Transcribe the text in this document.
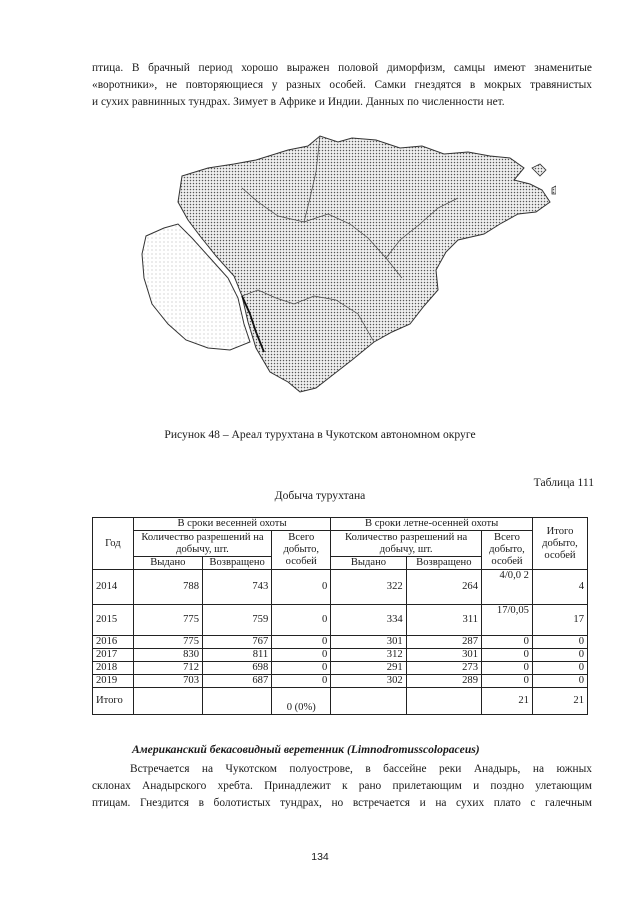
птица. В брачный период хорошо выражен половой диморфизм, самцы имеют знаменитые
«воротники», не повторяющиеся у разных особей. Самки гнездятся в мокрых травянистых
и сухих равнинных тундрах. Зимует в Африке и Индии. Данных по численности нет.
Рисунок 48 – Ареал турухтана в Чукотском автономном округе
Таблица 111
Добыча турухтана
Год	В сроки весенней охоты			В сроки летне-осенней охоты			Итого добыто, особей
	Количество разрешений на добычу, шт.		Всего добыто, особей	Количество разрешений на добычу, шт.		Всего добыто, особей	
	Выдано	Возвращено		Выдано	Возвращено		
2014	788	743	0	322	264	4/0,0 2	4
2015	775	759	0	334	311	17/0,05	17
2016	775	767	0	301	287	0	0
2017	830	811	0	312	301	0	0
2018	712	698	0	291	273	0	0
2019	703	687	0	302	289	0	0
Итого			0 (0%)			21	21
Американский бекасовидный веретенник (Limnodromusscolopaceus)
Встречается на Чукотском полуострове, в бассейне реки Анадырь, на южных
склонах Анадырского хребта. Принадлежит к рано прилетающим и поздно улетающим
птицам. Гнездится в болотистых тундрах, но встречается и на сухих плато с галечным
134
